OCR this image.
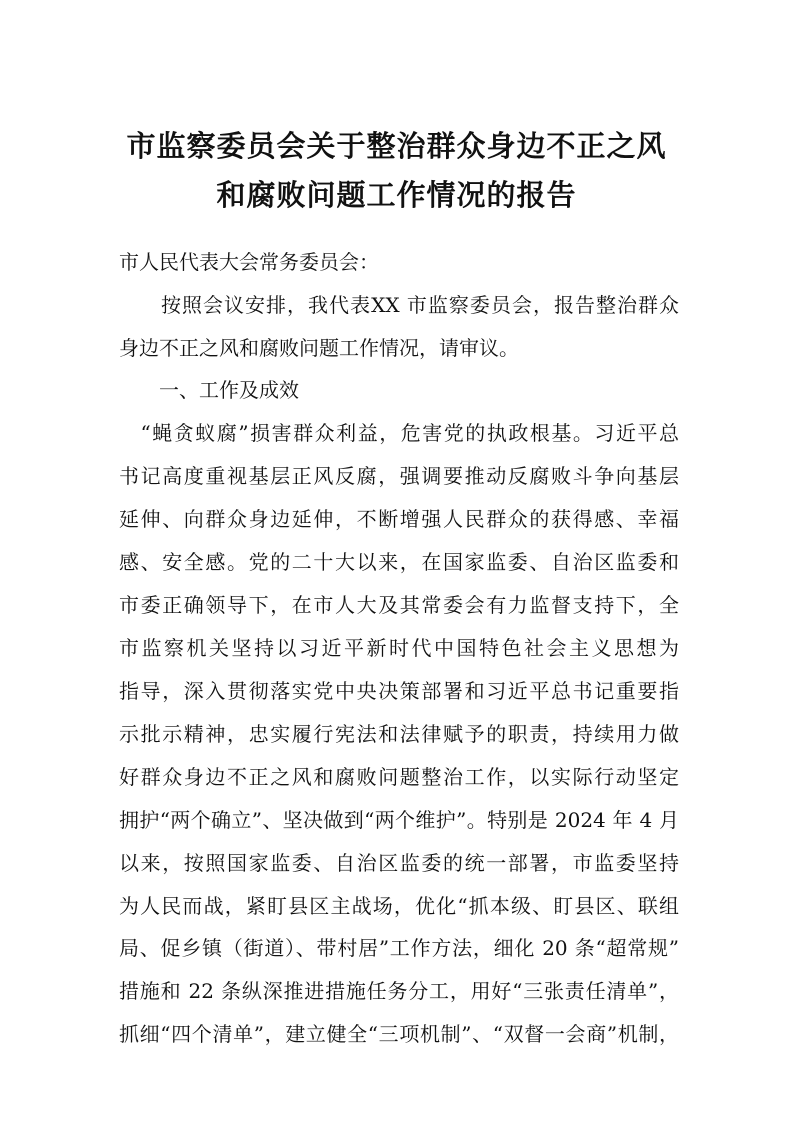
市监察委员会关于整治群众身边不正之风
和腐败问题工作情况的报告
市人民代表大会常务委员会：
　　按照会议安排，我代表XX 市监察委员会，报告整治群众
身边不正之风和腐败问题工作情况，请审议。
　　一、工作及成效
　“蝇贪蚁腐”损害群众利益，危害党的执政根基。习近平总
书记高度重视基层正风反腐，强调要推动反腐败斗争向基层
延伸、向群众身边延伸，不断增强人民群众的获得感、幸福
感、安全感。党的二十大以来，在国家监委、自治区监委和
市委正确领导下，在市人大及其常委会有力监督支持下，全
市监察机关坚持以习近平新时代中国特色社会主义思想为
指导，深入贯彻落实党中央决策部署和习近平总书记重要指
示批示精神，忠实履行宪法和法律赋予的职责，持续用力做
好群众身边不正之风和腐败问题整治工作，以实际行动坚定
拥护“两个确立”、坚决做到“两个维护”。特别是 2024 年 4 月
以来，按照国家监委、自治区监委的统一部署，市监委坚持
为人民而战，紧盯县区主战场，优化“抓本级、盯县区、联组
局、促乡镇（街道）、带村居”工作方法，细化 20 条“超常规”
措施和 22 条纵深推进措施任务分工，用好“三张责任清单”，
抓细“四个清单”，建立健全“三项机制”、“双督一会商”机制，
